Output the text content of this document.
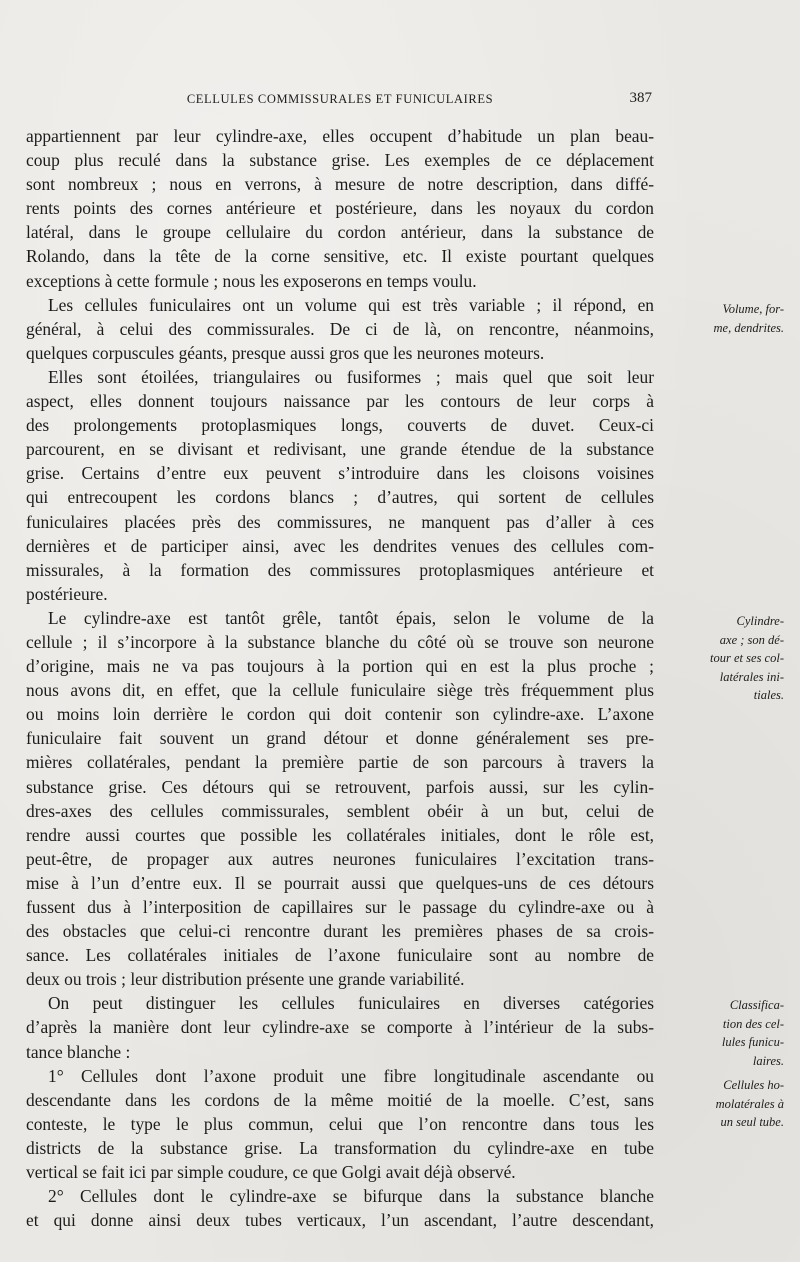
CELLULES COMMISSURALES ET FUNICULAIRES	387
appartiennent par leur cylindre-axe, elles occupent d’habitude un plan beau-
coup plus reculé dans la substance grise. Les exemples de ce déplacement
sont nombreux ; nous en verrons, à mesure de notre description, dans diffé-
rents points des cornes antérieure et postérieure, dans les noyaux du cordon
latéral, dans le groupe cellulaire du cordon antérieur, dans la substance de
Rolando, dans la tête de la corne sensitive, etc. Il existe pourtant quelques
exceptions à cette formule ; nous les exposerons en temps voulu.
Les cellules funiculaires ont un volume qui est très variable ; il répond, en
général, à celui des commissurales. De ci de là, on rencontre, néanmoins,
quelques corpuscules géants, presque aussi gros que les neurones moteurs.
Elles sont étoilées, triangulaires ou fusiformes ; mais quel que soit leur
aspect, elles donnent toujours naissance par les contours de leur corps à
des prolongements protoplasmiques longs, couverts de duvet. Ceux-ci
parcourent, en se divisant et redivisant, une grande étendue de la substance
grise. Certains d’entre eux peuvent s’introduire dans les cloisons voisines
qui entrecoupent les cordons blancs ; d’autres, qui sortent de cellules
funiculaires placées près des commissures, ne manquent pas d’aller à ces
dernières et de participer ainsi, avec les dendrites venues des cellules com-
missurales, à la formation des commissures protoplasmiques antérieure et
postérieure.
Le cylindre-axe est tantôt grêle, tantôt épais, selon le volume de la
cellule ; il s’incorpore à la substance blanche du côté où se trouve son neurone
d’origine, mais ne va pas toujours à la portion qui en est la plus proche ;
nous avons dit, en effet, que la cellule funiculaire siège très fréquemment plus
ou moins loin derrière le cordon qui doit contenir son cylindre-axe. L’axone
funiculaire fait souvent un grand détour et donne généralement ses pre-
mières collatérales, pendant la première partie de son parcours à travers la
substance grise. Ces détours qui se retrouvent, parfois aussi, sur les cylin-
dres-axes des cellules commissurales, semblent obéir à un but, celui de
rendre aussi courtes que possible les collatérales initiales, dont le rôle est,
peut-être, de propager aux autres neurones funiculaires l’excitation trans-
mise à l’un d’entre eux. Il se pourrait aussi que quelques-uns de ces détours
fussent dus à l’interposition de capillaires sur le passage du cylindre-axe ou à
des obstacles que celui-ci rencontre durant les premières phases de sa crois-
sance. Les collatérales initiales de l’axone funiculaire sont au nombre de
deux ou trois ; leur distribution présente une grande variabilité.
On peut distinguer les cellules funiculaires en diverses catégories
d’après la manière dont leur cylindre-axe se comporte à l’intérieur de la subs-
tance blanche :
1° Cellules dont l’axone produit une fibre longitudinale ascendante ou
descendante dans les cordons de la même moitié de la moelle. C’est, sans
conteste, le type le plus commun, celui que l’on rencontre dans tous les
districts de la substance grise. La transformation du cylindre-axe en tube
vertical se fait ici par simple coudure, ce que Golgi avait déjà observé.
2° Cellules dont le cylindre-axe se bifurque dans la substance blanche
et qui donne ainsi deux tubes verticaux, l’un ascendant, l’autre descendant,
Volume, for-
me, dendrites.
Cylindre-
axe ; son dé-
tour et ses col-
latérales ini-
tiales.
Classifica-
tion des cel-
lules funicu-
laires.
Cellules ho-
molatérales à
un seul tube.
